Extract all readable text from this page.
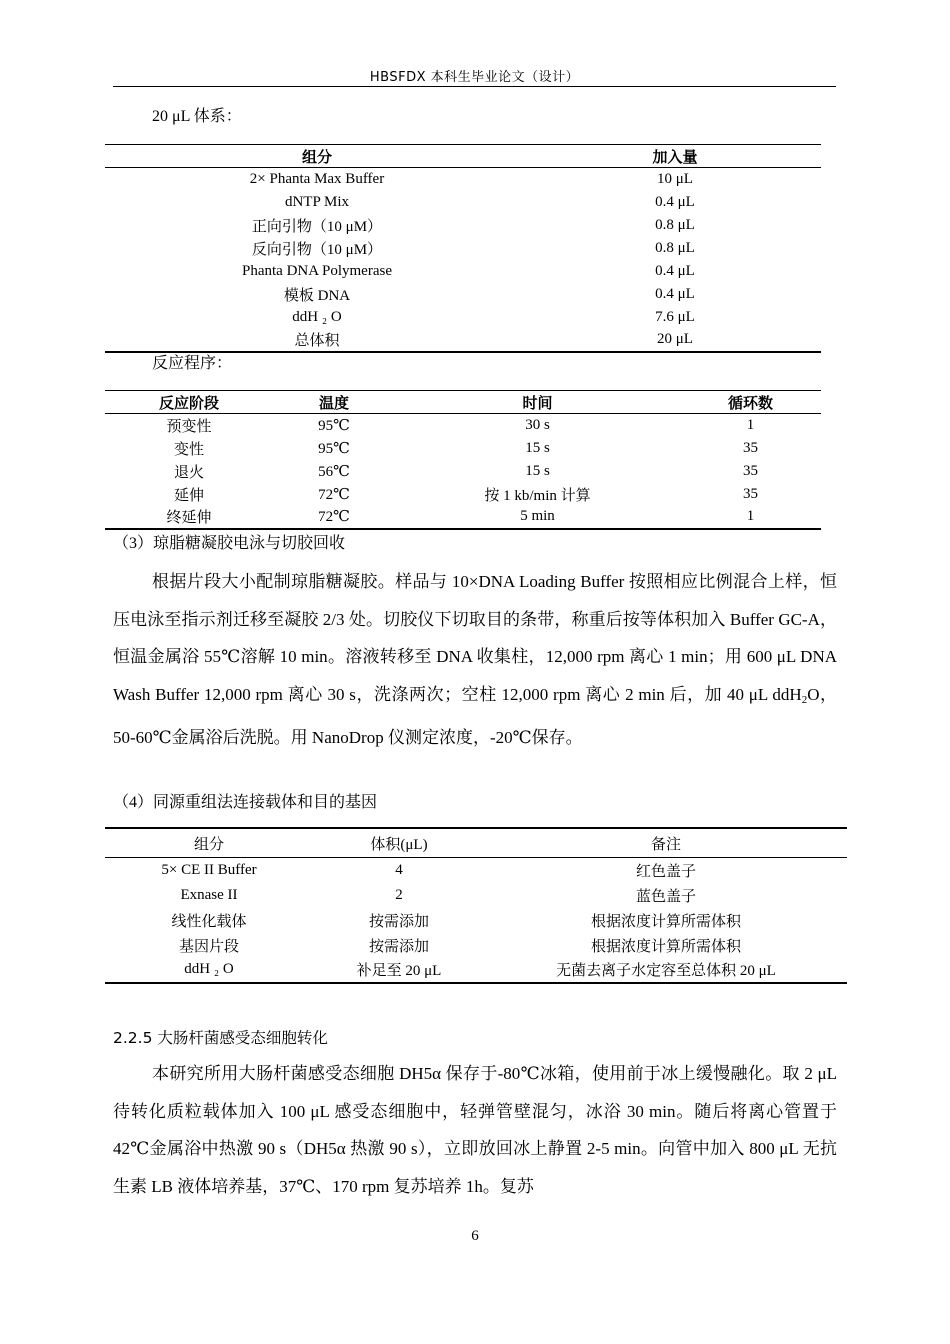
HBSFDX 本科生毕业论文（设计）
20 μL 体系：
组分	加入量
2× Phanta Max Buffer	10 μL
dNTP Mix	0.4 μL
正向引物（10 μM）	0.8 μL
反向引物（10 μM）	0.8 μL
Phanta DNA Polymerase	0.4 μL
模板 DNA	0.4 μL
ddH ₂ O	7.6 μL
总体积	20 μL
反应程序：
反应阶段	温度	时间	循环数
预变性	95℃	30 s	1
变性	95℃	15 s	35
退火	56℃	15 s	35
延伸	72℃	按 1 kb/min 计算	35
终延伸	72℃	5 min	1
（3）琼脂糖凝胶电泳与切胶回收
根据片段大小配制琼脂糖凝胶。样品与 10×DNA Loading Buffer 按照相应比例混合上样，恒压电泳至指示剂迁移至凝胶 2/3 处。切胶仪下切取目的条带，称重后按等体积加入 Buffer GC-A，恒温金属浴 55℃溶解 10 min。溶液转移至 DNA 收集柱，12,000 rpm 离心 1 min；用 600 μL DNA Wash Buffer 12,000 rpm 离心 30 s，洗涤两次；空柱 12,000 rpm 离心 2 min 后，加 40 μL ddH$_2$O，50-60℃金属浴后洗脱。用 NanoDrop 仪测定浓度，-20℃保存。
（4）同源重组法连接载体和目的基因
组分	体积(μL)	备注
5× CE II Buffer	4	红色盖子
Exnase II	2	蓝色盖子
线性化载体	按需添加	根据浓度计算所需体积
基因片段	按需添加	根据浓度计算所需体积
ddH ₂ O	补足至 20 μL	无菌去离子水定容至总体积 20 μL
2.2.5 大肠杆菌感受态细胞转化
本研究所用大肠杆菌感受态细胞 DH5α 保存于-80℃冰箱，使用前于冰上缓慢融化。取 2 μL 待转化质粒载体加入 100 μL 感受态细胞中，轻弹管壁混匀，冰浴 30 min。随后将离心管置于 42℃金属浴中热激 90 s（DH5α 热激 90 s），立即放回冰上静置 2-5 min。向管中加入 800 μL 无抗生素 LB 液体培养基，37℃、170 rpm 复苏培养 1h。复苏
6
